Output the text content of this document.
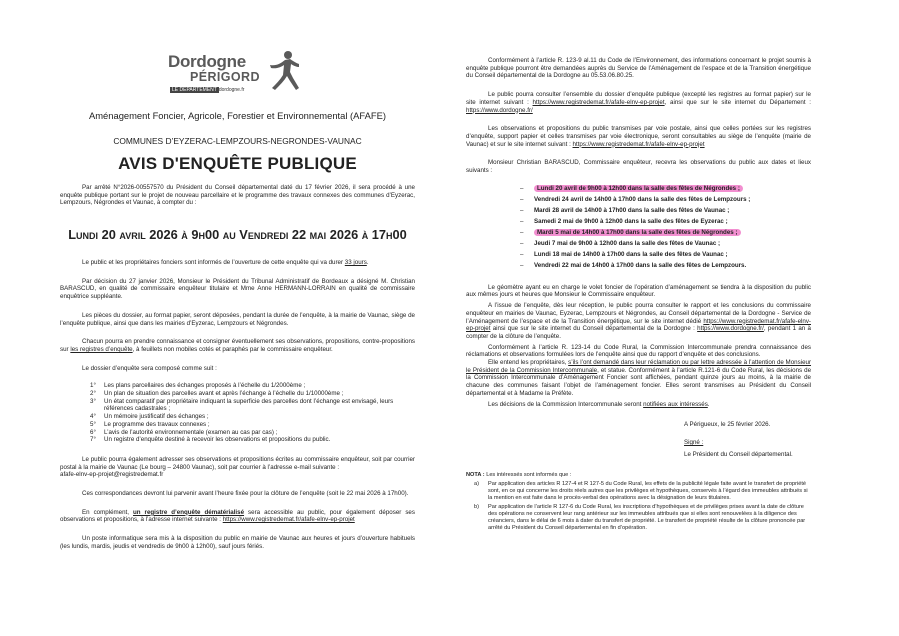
Dordogne
PÉRIGORD
LE DÉPARTEMENT dordogne.fr
Aménagement Foncier, Agricole, Forestier et Environnemental (AFAFE)
COMMUNES D’EYZERAC-LEMPZOURS-NEGRONDES-VAUNAC
AVIS D'ENQUÊTE PUBLIQUE
Lundi 20 avril 2026 à 9h00 au Vendredi 22 mai 2026 à 17h00

Par arrêté N°2026-00557570 du Président du Conseil départemental daté du 17 février 2026, il sera procédé à une enquête publique portant sur le projet de nouveau parcellaire et le programme des travaux connexes des communes d’Eyzerac, Lempzours, Négrondes et Vaunac, à compter du :

Le public et les propriétaires fonciers sont informés de l’ouverture de cette enquête qui va durer 33 jours.

Par décision du 27 janvier 2026, Monsieur le Président du Tribunal Administratif de Bordeaux a désigné M. Christian BARASCUD, en qualité de commissaire enquêteur titulaire et Mme Anne HERMANN-LORRAIN en qualité de commissaire enquêtrice suppléante.

Les pièces du dossier, au format papier, seront déposées, pendant la durée de l’enquête, à la mairie de Vaunac, siège de l’enquête publique, ainsi que dans les mairies d’Eyzerac, Lempzours et Négrondes.

Chacun pourra en prendre connaissance et consigner éventuellement ses observations, propositions, contre-propositions sur les registres d’enquête, à feuillets non mobiles cotés et paraphés par le commissaire enquêteur.

Le dossier d’enquête sera composé comme suit :

1° Les plans parcellaires des échanges proposés à l’échelle du 1/2000ème ;
2° Un plan de situation des parcelles avant et après l’échange à l’échelle du 1/10000ème ;
3° Un état comparatif par propriétaire indiquant la superficie des parcelles dont l’échange est envisagé, leurs références cadastrales ;
4° Un mémoire justificatif des échanges ;
5° Le programme des travaux connexes ;
6° L’avis de l’autorité environnementale (examen au cas par cas) ;
7° Un registre d’enquête destiné à recevoir les observations et propositions du public.

Le public pourra également adresser ses observations et propositions écrites au commissaire enquêteur, soit par courrier postal à la mairie de Vaunac (Le bourg – 24800 Vaunac), soit par courrier à l’adresse e-mail suivante :

afafe-elnv-ep-projet@registredemat.fr

Ces correspondances devront lui parvenir avant l’heure fixée pour la clôture de l’enquête (soit le 22 mai 2026 à 17h00).

En complément, un registre d’enquête dématérialisé sera accessible au public, pour également déposer ses observations et propositions, à l’adresse internet suivante : https://www.registredemat.fr/afafe-elnv-ep-projet

Un poste informatique sera mis à la disposition du public en mairie de Vaunac aux heures et jours d’ouverture habituels (les lundis, mardis, jeudis et vendredis de 9h00 à 12h00), sauf jours fériés.

Conformément à l’article R. 123-9 al.11 du Code de l’Environnement, des informations concernant le projet soumis à enquête publique pourront être demandées auprès du Service de l’Aménagement de l’espace et de la Transition énergétique du Conseil départemental de la Dordogne au 05.53.06.80.25.

Le public pourra consulter l’ensemble du dossier d’enquête publique (excepté les registres au format papier) sur le site internet suivant : https://www.registredemat.fr/afafe-elnv-ep-projet, ainsi que sur le site internet du Département : https://www.dordogne.fr/

Les observations et propositions du public transmises par voie postale, ainsi que celles portées sur les registres d’enquête, support papier et celles transmises par voie électronique, seront consultables au siège de l’enquête (mairie de Vaunac) et sur le site internet suivant : https://www.registredemat.fr/afafe-elnv-ep-projet

Monsieur Christian BARASCUD, Commissaire enquêteur, recevra les observations du public aux dates et lieux suivants :

– Lundi 20 avril de 9h00 à 12h00 dans la salle des fêtes de Négrondes ;
– Vendredi 24 avril de 14h00 à 17h00 dans la salle des fêtes de Lempzours ;
– Mardi 28 avril de 14h00 à 17h00 dans la salle des fêtes de Vaunac ;
– Samedi 2 mai de 9h00 à 12h00 dans la salle des fêtes de Eyzerac ;
– Mardi 5 mai de 14h00 à 17h00 dans la salle des fêtes de Négrondes ;
– Jeudi 7 mai de 9h00 à 12h00 dans la salle des fêtes de Vaunac ;
– Lundi 18 mai de 14h00 à 17h00 dans la salle des fêtes de Vaunac ;
– Vendredi 22 mai de 14h00 à 17h00 dans la salle des fêtes de Lempzours.

Le géomètre ayant eu en charge le volet foncier de l’opération d’aménagement se tiendra à la disposition du public aux mêmes jours et heures que Monsieur le Commissaire enquêteur.

A l’issue de l’enquête, dès leur réception, le public pourra consulter le rapport et les conclusions du commissaire enquêteur en mairies de Vaunac, Eyzerac, Lempzours et Négrondes, au Conseil départemental de la Dordogne - Service de l’Aménagement de l’espace et de la Transition énergétique, sur le site internet dédié https://www.registredemat.fr/afafe-elnv-ep-projet ainsi que sur le site internet du Conseil départemental de la Dordogne : https://www.dordogne.fr/, pendant 1 an à compter de la clôture de l’enquête.

Conformément à l’article R. 123-14 du Code Rural, la Commission Intercommunale prendra connaissance des réclamations et observations formulées lors de l’enquête ainsi que du rapport d’enquête et des conclusions.

Elle entend les propriétaires, s’ils l’ont demandé dans leur réclamation ou par lettre adressée à l’attention de Monsieur le Président de la Commission Intercommunale, et statue. Conformément à l’article R.121-6 du Code Rural, les décisions de la Commission Intercommunale d’Aménagement Foncier sont affichées, pendant quinze jours au moins, à la mairie de chacune des communes faisant l’objet de l’aménagement foncier. Elles seront transmises au Président du Conseil départemental et à Madame la Préfète.

Les décisions de la Commission Intercommunale seront notifiées aux intéressés.

A Périgueux, le 25 février 2026.

Signé :

Le Président du Conseil départemental.

NOTA : Les intéressés sont informés que :

a) Par application des articles R 127-4 et R 127-5 du Code Rural, les effets de la publicité légale faite avant le transfert de propriété sont, en ce qui concerne les droits réels autres que les privilèges et hypothèques, conservés à l’égard des immeubles attribués si la mention en est faite dans le procès-verbal des opérations avec la désignation de leurs titulaires.
b) Par application de l’article R 127-6 du Code Rural, les inscriptions d’hypothèques et de privilèges prises avant la date de clôture des opérations ne conservent leur rang antérieur sur les immeubles attribués que si elles sont renouvelées à la diligence des créanciers, dans le délai de 6 mois à dater du transfert de propriété. Le transfert de propriété résulte de la clôture prononcée par arrêté du Président du Conseil départemental en fin d’opération.
